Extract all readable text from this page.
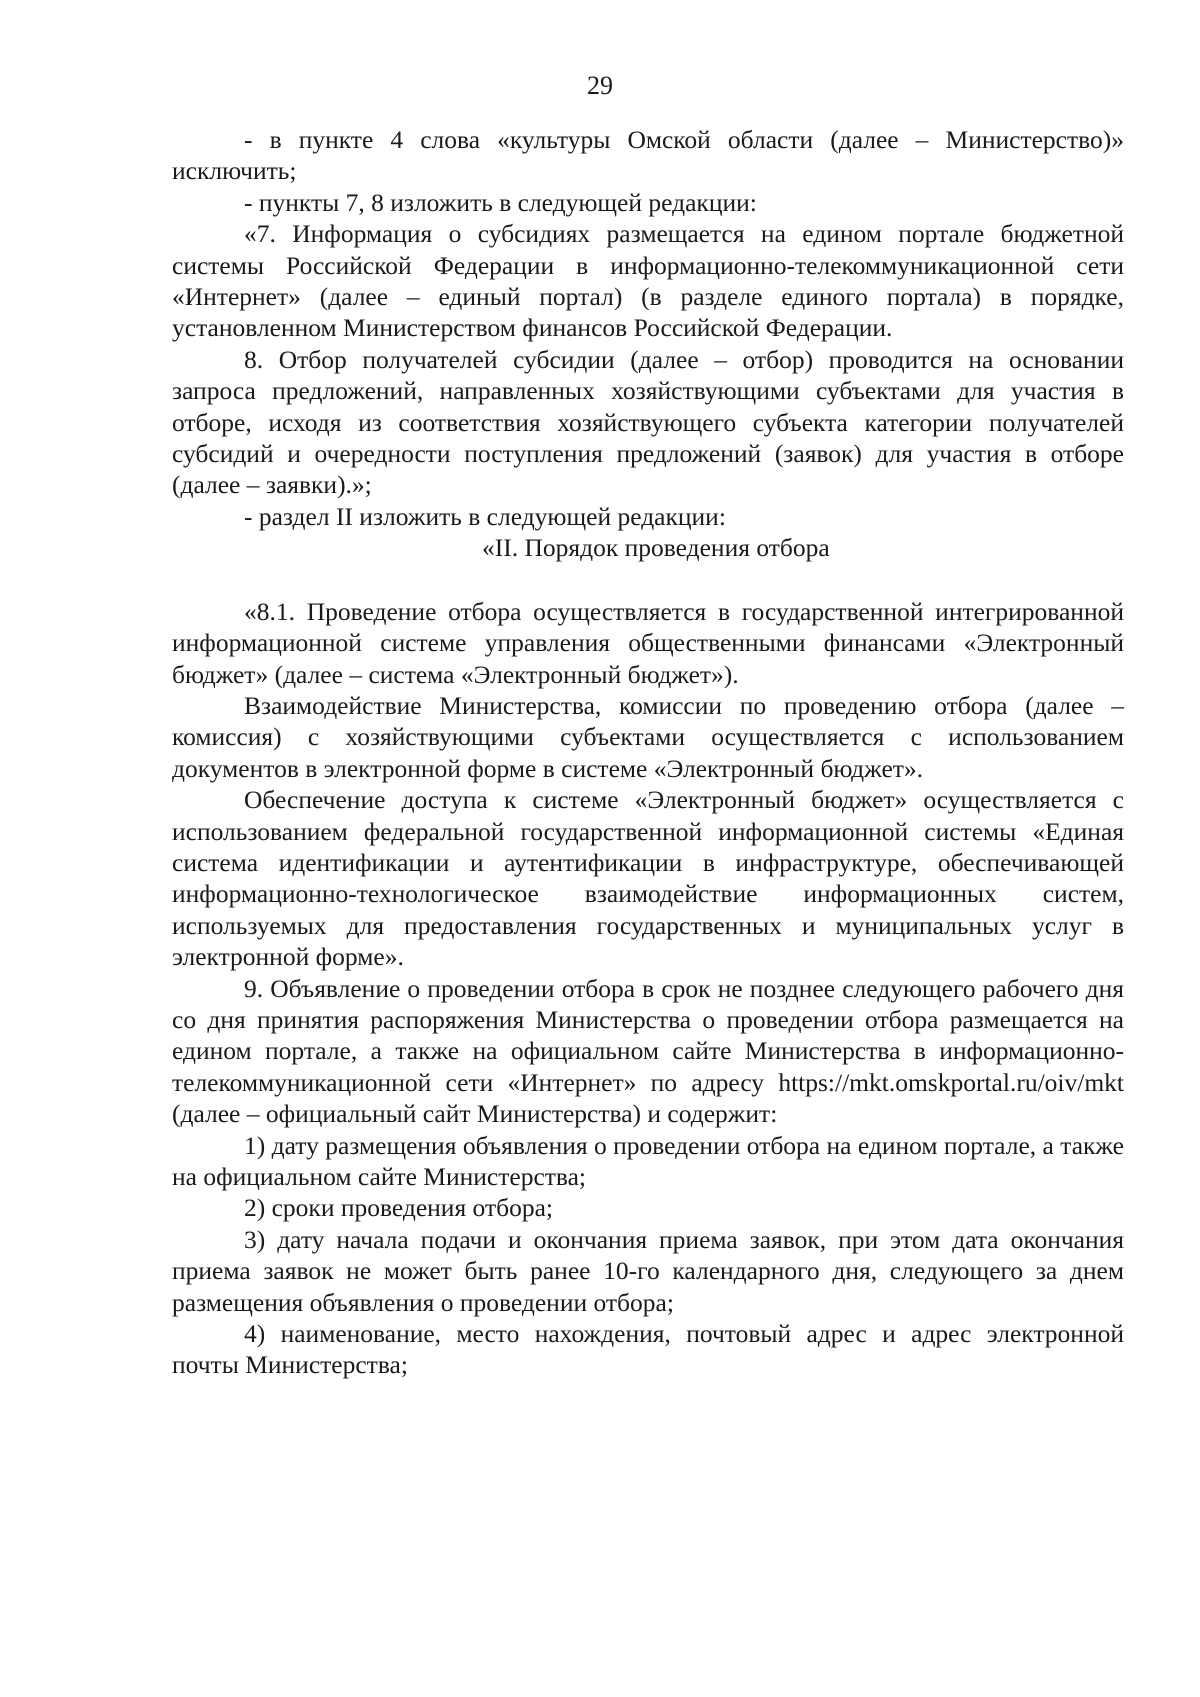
29

- в пункте 4 слова «культуры Омской области (далее – Министерство)» исключить;

- пункты 7, 8 изложить в следующей редакции:

«7. Информация о субсидиях размещается на едином портале бюджетной системы Российской Федерации в информационно-телекоммуникационной сети «Интернет» (далее – единый портал) (в разделе единого портала) в порядке, установленном Министерством финансов Российской Федерации.

8. Отбор получателей субсидии (далее – отбор) проводится на основании запроса предложений, направленных хозяйствующими субъектами для участия в отборе, исходя из соответствия хозяйствующего субъекта категории получателей субсидий и очередности поступления предложений (заявок) для участия в отборе (далее – заявки).»;

- раздел II изложить в следующей редакции:

«II. Порядок проведения отбора

«8.1. Проведение отбора осуществляется в государственной интегрированной информационной системе управления общественными финансами «Электронный бюджет» (далее – система «Электронный бюджет»).

Взаимодействие Министерства, комиссии по проведению отбора (далее – комиссия) с хозяйствующими субъектами осуществляется с использованием документов в электронной форме в системе «Электронный бюджет».

Обеспечение доступа к системе «Электронный бюджет» осуществляется с использованием федеральной государственной информационной системы «Единая система идентификации и аутентификации в инфраструктуре, обеспечивающей информационно-технологическое взаимодействие информационных систем, используемых для предоставления государственных и муниципальных услуг в электронной форме».

9. Объявление о проведении отбора в срок не позднее следующего рабочего дня со дня принятия распоряжения Министерства о проведении отбора размещается на едином портале, а также на официальном сайте Министерства в информационно-телекоммуникационной сети «Интернет» по адресу https://mkt.omskportal.ru/oiv/mkt (далее – официальный сайт Министерства) и содержит:

1) дату размещения объявления о проведении отбора на едином портале, а также на официальном сайте Министерства;

2) сроки проведения отбора;

3) дату начала подачи и окончания приема заявок, при этом дата окончания приема заявок не может быть ранее 10-го календарного дня, следующего за днем размещения объявления о проведении отбора;

4) наименование, место нахождения, почтовый адрес и адрес электронной почты Министерства;
